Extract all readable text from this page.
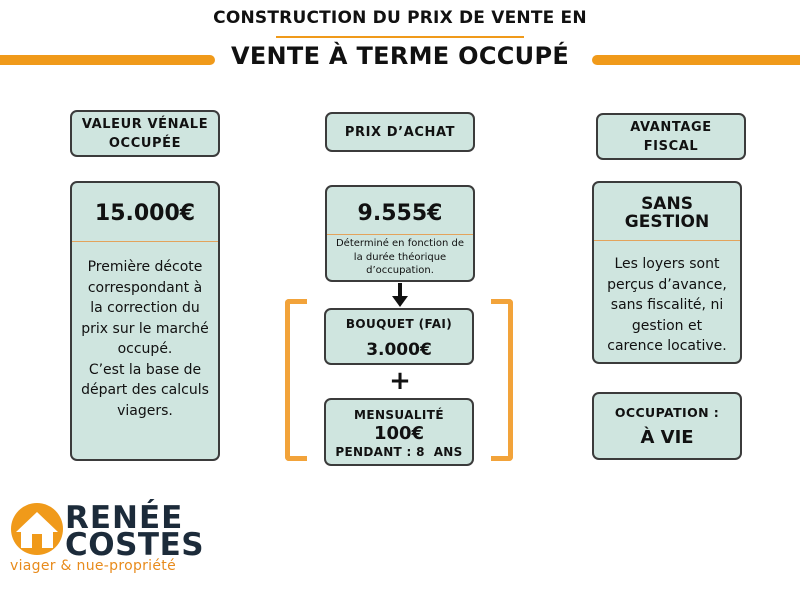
CONSTRUCTION DU PRIX DE VENTE EN
VENTE À TERME OCCUPÉ
VALEUR VÉNALE
OCCUPÉE
15.000€
Première décote
correspondant à
la correction du
prix sur le marché
occupé.
C’est la base de
départ des calculs
viagers.
PRIX D’ACHAT
9.555€
Déterminé en fonction de
la durée théorique
d’occupation.
BOUQUET (FAI)
3.000€
+
MENSUALITÉ
100€
PENDANT : 8  ANS
AVANTAGE
FISCAL
SANS
GESTION
Les loyers sont
perçus d’avance,
sans fiscalité, ni
gestion et
carence locative.
OCCUPATION :
À VIE
RENÉE
COSTES
viager & nue-propriété
